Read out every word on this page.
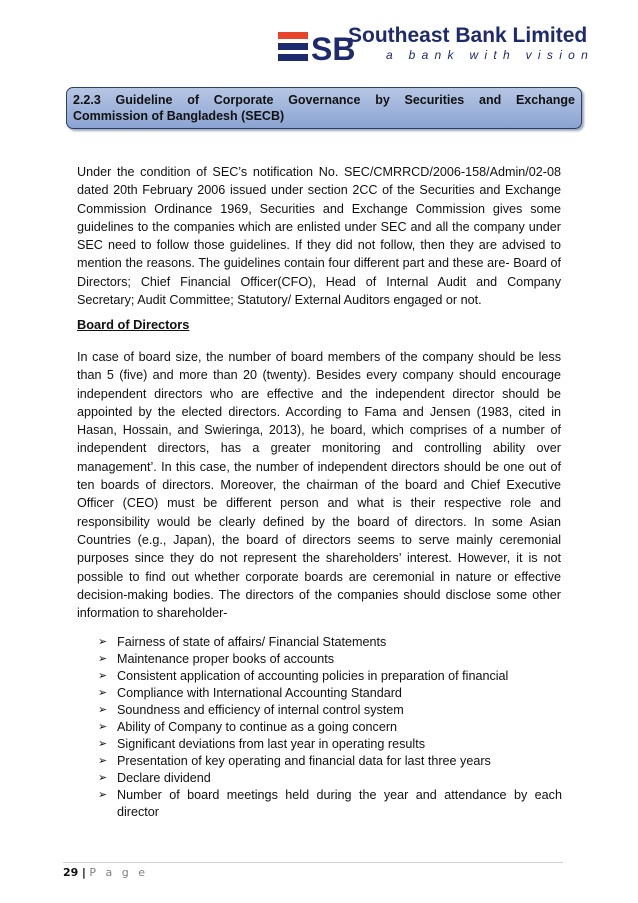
SB
Southeast Bank Limited
a bank with vision

2.2.3 Guideline of Corporate Governance by Securities and Exchange

Commission of Bangladesh (SECB)

Under the condition of SEC’s notification No. SEC/CMRRCD/2006-158/Admin/02-08 dated 20th February 2006 issued under section 2CC of the Securities and Exchange Commission Ordinance 1969, Securities and Exchange Commission gives some guidelines to the companies which are enlisted under SEC and all the company under SEC need to follow those guidelines. If they did not follow, then they are advised to mention the reasons. The guidelines contain four different part and these are- Board of Directors; Chief Financial Officer(CFO), Head of Internal Audit and Company Secretary; Audit Committee; Statutory/ External Auditors engaged or not.

Board of Directors

In case of board size, the number of board members of the company should be less than 5 (five) and more than 20 (twenty). Besides every company should encourage independent directors who are effective and the independent director should be appointed by the elected directors. According to Fama and Jensen (1983, cited in Hasan, Hossain, and Swieringa, 2013), he board, which comprises of a number of independent directors, has a greater monitoring and controlling ability over management’. In this case, the number of independent directors should be one out of ten boards of directors. Moreover, the chairman of the board and Chief Executive Officer (CEO) must be different person and what is their respective role and responsibility would be clearly defined by the board of directors. In some Asian Countries (e.g., Japan), the board of directors seems to serve mainly ceremonial purposes since they do not represent the shareholders’ interest. However, it is not possible to find out whether corporate boards are ceremonial in nature or effective decision-making bodies. The directors of the companies should disclose some other information to shareholder-

➢ Fairness of state of affairs/ Financial Statements
➢ Maintenance proper books of accounts
➢ Consistent application of accounting policies in preparation of financial
➢ Compliance with International Accounting Standard
➢ Soundness and efficiency of internal control system
➢ Ability of Company to continue as a going concern
➢ Significant deviations from last year in operating results
➢ Presentation of key operating and financial data for last three years
➢ Declare dividend
➢ Number of board meetings held during the year and attendance by each director
29 | P a g e
